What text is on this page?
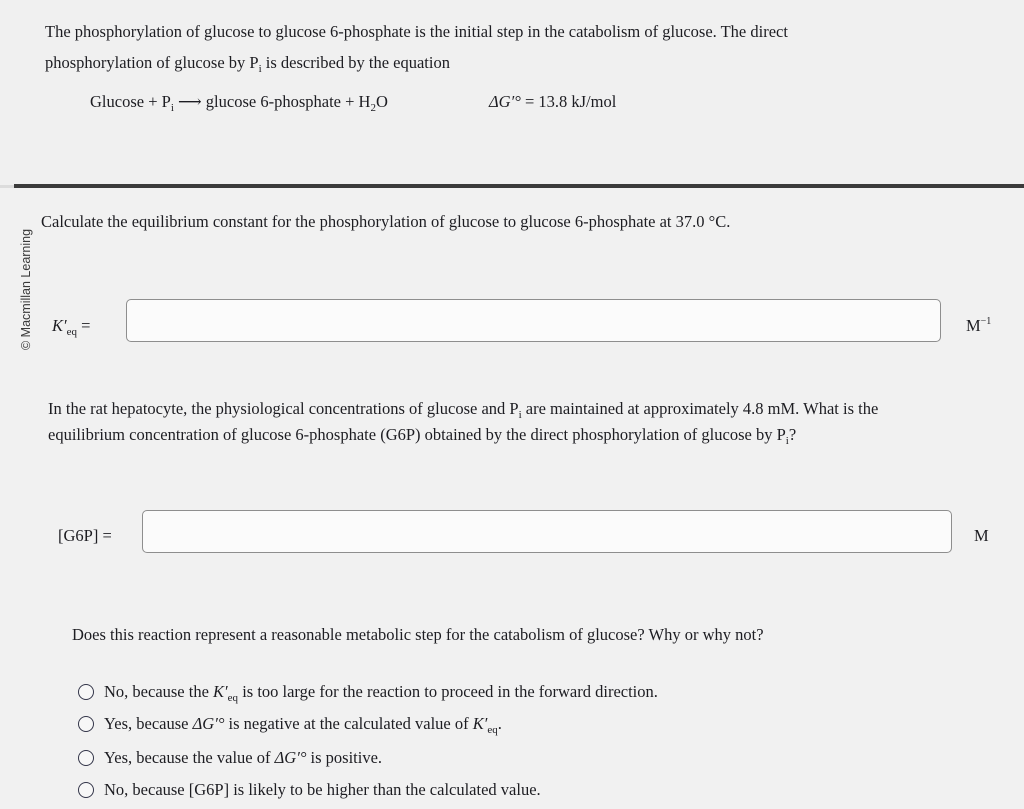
The phosphorylation of glucose to glucose 6-phosphate is the initial step in the catabolism of glucose. The direct
phosphorylation of glucose by $P_i$ is described by the equation
$Glucose + P_i$ ⟶ glucose 6-phosphate + $H_2O$	ΔG′° = 13.8 kJ/mol
© Macmillan Learning
Calculate the equilibrium constant for the phosphorylation of glucose to glucose 6-phosphate at 37.0 °C.
$K'_{eq}$ =	$M^{-1}$
In the rat hepatocyte, the physiological concentrations of glucose and $P_i$ are maintained at approximately 4.8 mM. What is the
equilibrium concentration of glucose 6-phosphate (G6P) obtained by the direct phosphorylation of glucose by $P_i$?
[G6P] =	M
Does this reaction represent a reasonable metabolic step for the catabolism of glucose? Why or why not?
No, because the $K'_{eq}$ is too large for the reaction to proceed in the forward direction.
Yes, because ΔG′° is negative at the calculated value of $K'_{eq}$.
Yes, because the value of ΔG′° is positive.
No, because [G6P] is likely to be higher than the calculated value.
